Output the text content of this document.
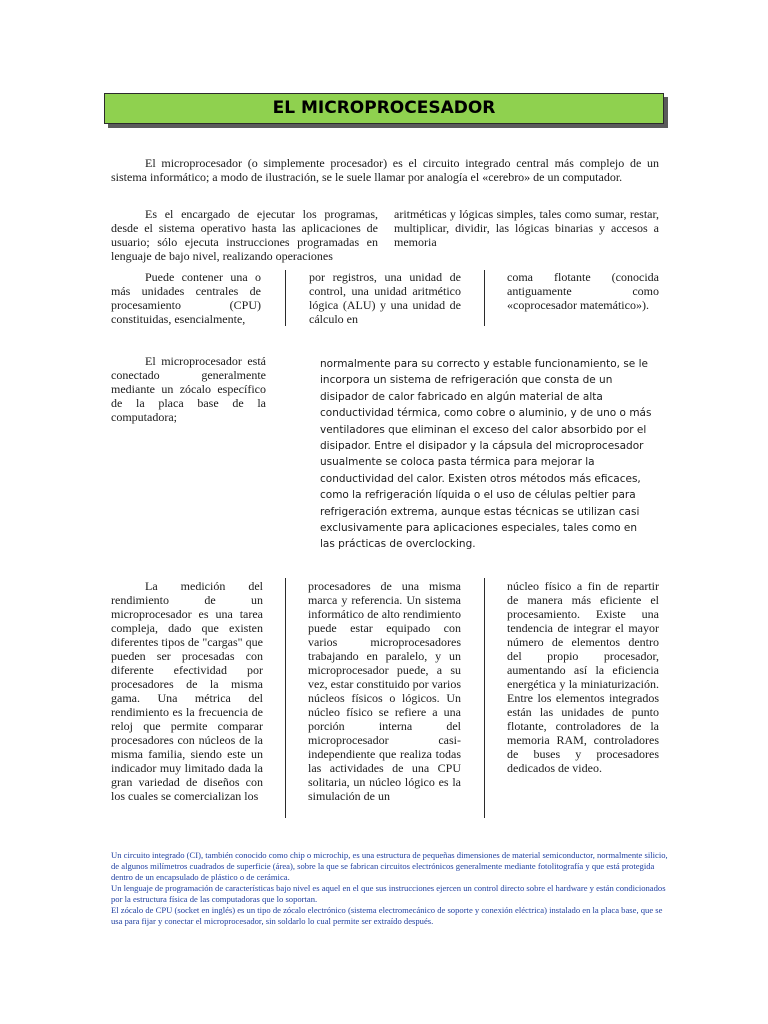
EL MICROPROCESADOR

El microprocesador (o simplemente procesador) es el circuito integrado central más complejo de un sistema informático; a modo de ilustración, se le suele llamar por analogía el «cerebro» de un computador.

Es el encargado de ejecutar los programas, desde el sistema operativo hasta las aplicaciones de usuario; sólo ejecuta instrucciones programadas en lenguaje de bajo nivel, realizando operaciones

aritméticas y lógicas simples, tales como sumar, restar, multiplicar, dividir, las lógicas binarias y accesos a memoria

Puede contener una o más unidades centrales de procesamiento (CPU) constituidas, esencialmente,

por registros, una unidad de control, una unidad aritmético lógica (ALU) y una unidad de cálculo en

coma flotante (conocida antiguamente como «coprocesador matemático»).

El microprocesador está conectado generalmente mediante un zócalo específico de la placa base de la computadora;

normalmente para su correcto y estable funcionamiento, se le incorpora un sistema de refrigeración que consta de un disipador de calor fabricado en algún material de alta conductividad térmica, como cobre o aluminio, y de uno o más ventiladores que eliminan el exceso del calor absorbido por el disipador. Entre el disipador y la cápsula del microprocesador usualmente se coloca pasta térmica para mejorar la conductividad del calor. Existen otros métodos más eficaces, como la refrigeración líquida o el uso de células peltier para refrigeración extrema, aunque estas técnicas se utilizan casi exclusivamente para aplicaciones especiales, tales como en las prácticas de overclocking.

La medición del rendimiento de un microprocesador es una tarea compleja, dado que existen diferentes tipos de "cargas" que pueden ser procesadas con diferente efectividad por procesadores de la misma gama. Una métrica del rendimiento es la frecuencia de reloj que permite comparar procesadores con núcleos de la misma familia, siendo este un indicador muy limitado dada la gran variedad de diseños con los cuales se comercializan los

procesadores de una misma marca y referencia. Un sistema informático de alto rendimiento puede estar equipado con varios microprocesadores trabajando en paralelo, y un microprocesador puede, a su vez, estar constituido por varios núcleos físicos o lógicos. Un núcleo físico se refiere a una porción interna del microprocesador casi-independiente que realiza todas las actividades de una CPU solitaria, un núcleo lógico es la simulación de un

núcleo físico a fin de repartir de manera más eficiente el procesamiento. Existe una tendencia de integrar el mayor número de elementos dentro del propio procesador, aumentando así la eficiencia energética y la miniaturización. Entre los elementos integrados están las unidades de punto flotante, controladores de la memoria RAM, controladores de buses y procesadores dedicados de video.

Un circuito integrado (CI), también conocido como chip o microchip, es una estructura de pequeñas dimensiones de material semiconductor, normalmente silicio, de algunos milímetros cuadrados de superficie (área), sobre la que se fabrican circuitos electrónicos generalmente mediante fotolitografía y que está protegida dentro de un encapsulado de plástico o de cerámica.

Un lenguaje de programación de características bajo nivel es aquel en el que sus instrucciones ejercen un control directo sobre el hardware y están condicionados por la estructura física de las computadoras que lo soportan.

El zócalo de CPU (socket en inglés) es un tipo de zócalo electrónico (sistema electromecánico de soporte y conexión eléctrica) instalado en la placa base, que se usa para fijar y conectar el microprocesador, sin soldarlo lo cual permite ser extraído después.
